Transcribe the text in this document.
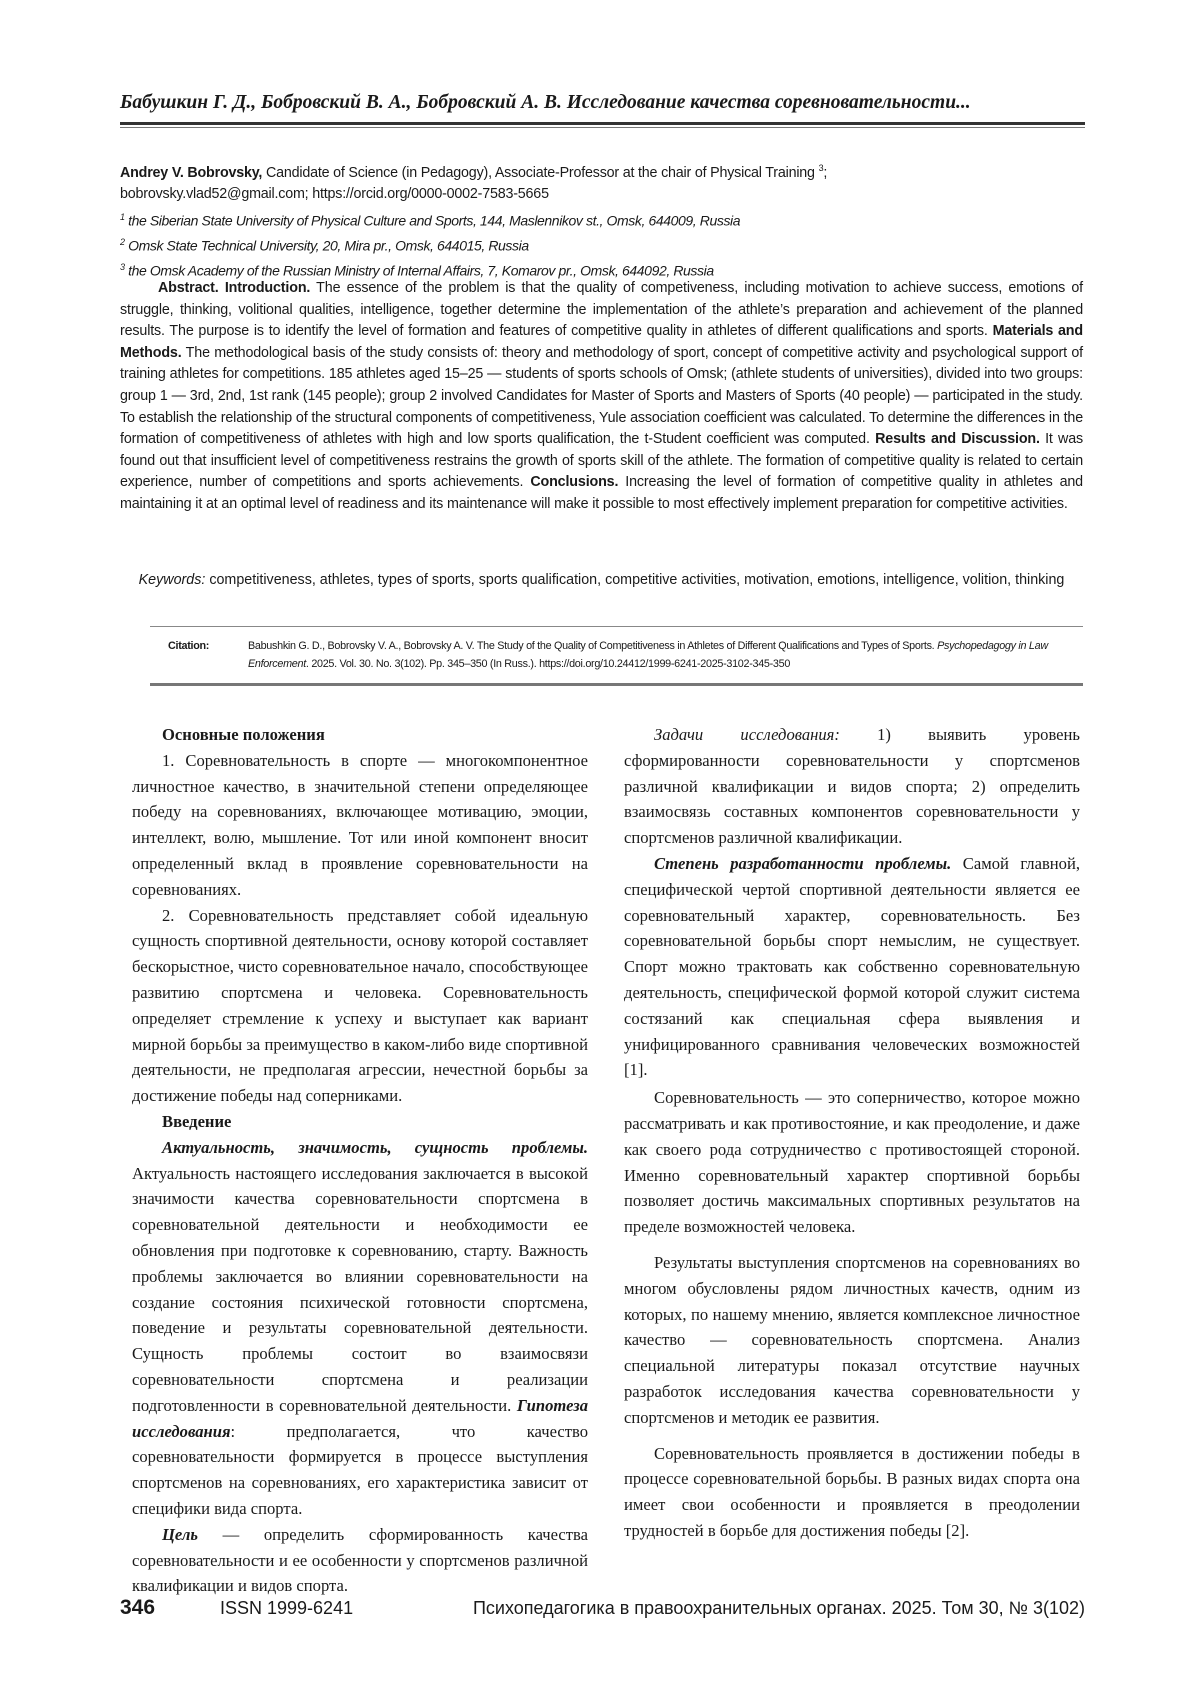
Бабушкин Г. Д., Бобровский В. А., Бобровский А. В. Исследование качества соревновательности...
Andrey V. Bobrovsky, Candidate of Science (in Pedagogy), Associate-Professor at the chair of Physical Training 3;
bobrovsky.vlad52@gmail.com; https://orcid.org/0000-0002-7583-5665
1 the Siberian State University of Physical Culture and Sports, 144, Maslennikov st., Omsk, 644009, Russia
2 Omsk State Technical University, 20, Mira pr., Omsk, 644015, Russia
3 the Omsk Academy of the Russian Ministry of Internal Affairs, 7, Komarov pr., Omsk, 644092, Russia
Abstract. Introduction. The essence of the problem is that the quality of competiveness, including motivation to achieve success, emotions of struggle, thinking, volitional qualities, intelligence, together determine the implementation of the athlete’s preparation and achievement of the planned results. The purpose is to identify the level of formation and features of competitive quality in athletes of different qualifications and sports. Materials and Methods. The methodological basis of the study consists of: theory and methodology of sport, concept of competitive activity and psychological support of training athletes for competitions. 185 athletes aged 15–25 — students of sports schools of Omsk; (athlete students of universities), divided into two groups: group 1 — 3rd, 2nd, 1st rank (145 people); group 2 involved Candidates for Master of Sports and Masters of Sports (40 people) — participated in the study. To establish the relationship of the structural components of competitiveness, Yule association coefficient was calculated. To determine the differences in the formation of competitiveness of athletes with high and low sports qualification, the t-Student coefficient was computed. Results and Discussion. It was found out that insufficient level of competitiveness restrains the growth of sports skill of the athlete. The formation of competitive quality is related to certain experience, number of competitions and sports achievements. Conclusions. Increasing the level of formation of competitive quality in athletes and maintaining it at an optimal level of readiness and its maintenance will make it possible to most effectively implement preparation for competitive activities.
Keywords: competitiveness, athletes, types of sports, sports qualification, competitive activities, motivation, emotions, intelligence, volition, thinking
Citation:	Babushkin G. D., Bobrovsky V. A., Bobrovsky A. V. The Study of the Quality of Competitiveness in Athletes of Different Qualifications and Types of Sports. Psychopedagogy in Law Enforcement. 2025. Vol. 30. No. 3(102). Pp. 345–350 (In Russ.). https://doi.org/10.24412/1999-6241-2025-3102-345-350
Основные положения

1. Соревновательность в спорте — многокомпонентное личностное качество, в значительной степени определяющее победу на соревнованиях, включающее мотивацию, эмоции, интеллект, волю, мышление. Тот или иной компонент вносит определенный вклад в проявление соревновательности на соревнованиях.

2. Соревновательность представляет собой идеальную сущность спортивной деятельности, основу которой составляет бескорыстное, чисто соревновательное начало, способствующее развитию спортсмена и человека. Соревновательность определяет стремление к успеху и выступает как вариант мирной борьбы за преимущество в каком-либо виде спортивной деятельности, не предполагая агрессии, нечестной борьбы за достижение победы над соперниками.

Введение

Актуальность, значимость, сущность проблемы. Актуальность настоящего исследования заключается в высокой значимости качества соревновательности спортсмена в соревновательной деятельности и необходимости ее обновления при подготовке к соревнованию, старту. Важность проблемы заключается во влиянии соревновательности на создание состояния психической готовности спортсмена, поведение и результаты соревновательной деятельности. Сущность проблемы состоит во взаимосвязи соревновательности спортсмена и реализации подготовленности в соревновательной деятельности. Гипотеза исследования: предполагается, что качество соревновательности формируется в процессе выступления спортсменов на соревнованиях, его характеристика зависит от специфики вида спорта.

Цель — определить сформированность качества соревновательности и ее особенности у спортсменов различной квалификации и видов спорта.

Задачи исследования: 1) выявить уровень сформированности соревновательности у спортсменов различной квалификации и видов спорта; 2) определить взаимосвязь составных компонентов соревновательности у спортсменов различной квалификации.

Степень разработанности проблемы. Самой главной, специфической чертой спортивной деятельности является ее соревновательный характер, соревновательность. Без соревновательной борьбы спорт немыслим, не существует. Спорт можно трактовать как собственно соревновательную деятельность, специфической формой которой служит система состязаний как специальная сфера выявления и унифицированного сравнивания человеческих возможностей [1].

Соревновательность — это соперничество, которое можно рассматривать и как противостояние, и как преодоление, и даже как своего рода сотрудничество с противостоящей стороной. Именно соревновательный характер спортивной борьбы позволяет достичь максимальных спортивных результатов на пределе возможностей человека.

Результаты выступления спортсменов на соревнованиях во многом обусловлены рядом личностных качеств, одним из которых, по нашему мнению, является комплексное личностное качество — соревновательность спортсмена. Анализ специальной литературы показал отсутствие научных разработок исследования качества соревновательности у спортсменов и методик ее развития.

Соревновательность проявляется в достижении победы в процессе соревновательной борьбы. В разных видах спорта она имеет свои особенности и проявляется в преодолении трудностей в борьбе для достижения победы [2].

346	ISSN 1999-6241	Психопедагогика в правоохранительных органах. 2025. Том 30, № 3(102)
